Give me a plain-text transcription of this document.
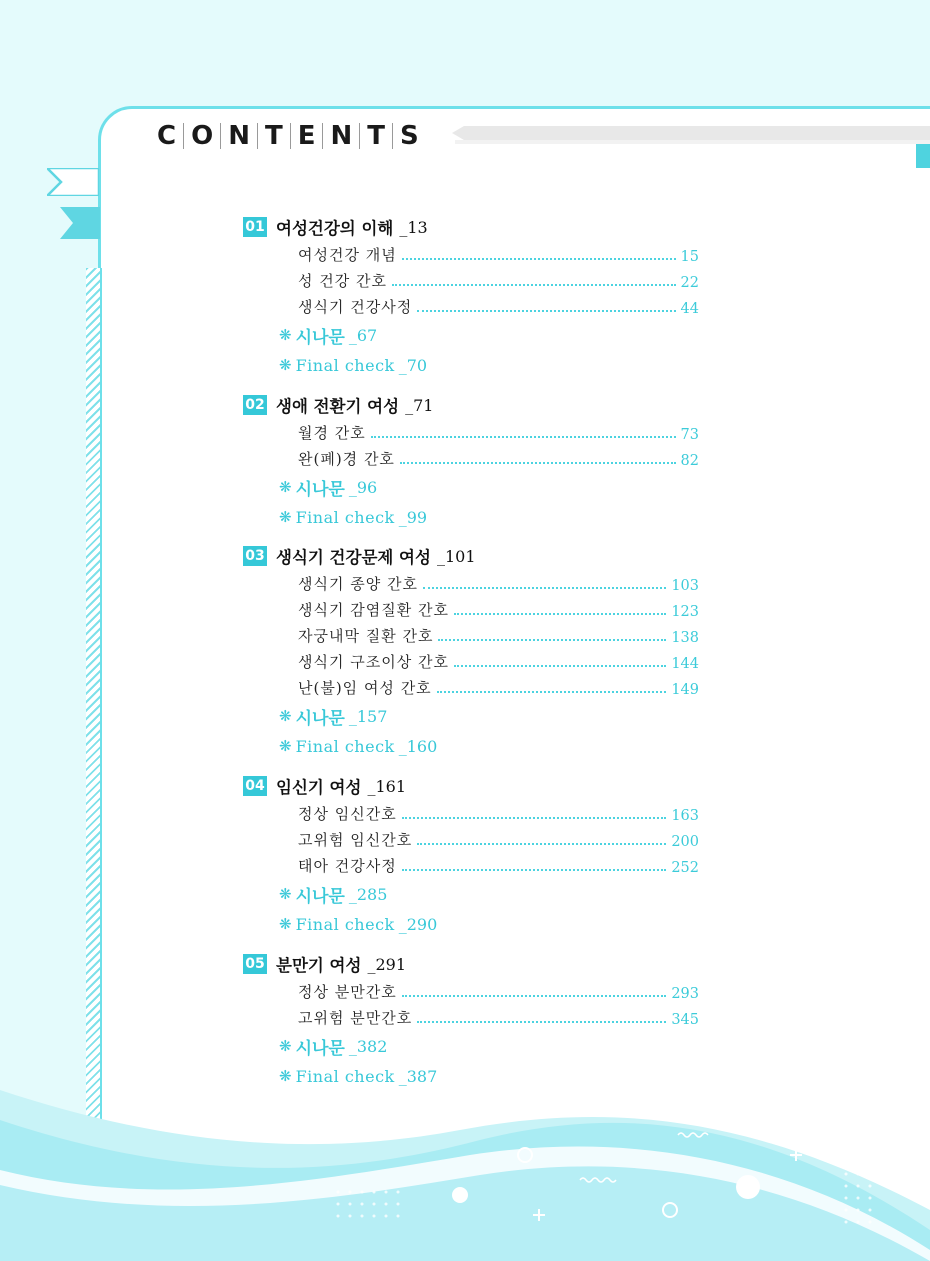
C O N T E N T S
01 여성건강의 이해 _13
여성건강 개념	15
성 건강 간호	22
생식기 건강사정	44
❋ 시나문 _67
❋ Final check _70
02 생애 전환기 여성 _71
월경 간호	73
완(폐)경 간호	82
❋ 시나문 _96
❋ Final check _99
03 생식기 건강문제 여성 _101
생식기 종양 간호	103
생식기 감염질환 간호	123
자궁내막 질환 간호	138
생식기 구조이상 간호	144
난(불)임 여성 간호	149
❋ 시나문 _157
❋ Final check _160
04 임신기 여성 _161
정상 임신간호	163
고위험 임신간호	200
태아 건강사정	252
❋ 시나문 _285
❋ Final check _290
05 분만기 여성 _291
정상 분만간호	293
고위험 분만간호	345
❋ 시나문 _382
❋ Final check _387
